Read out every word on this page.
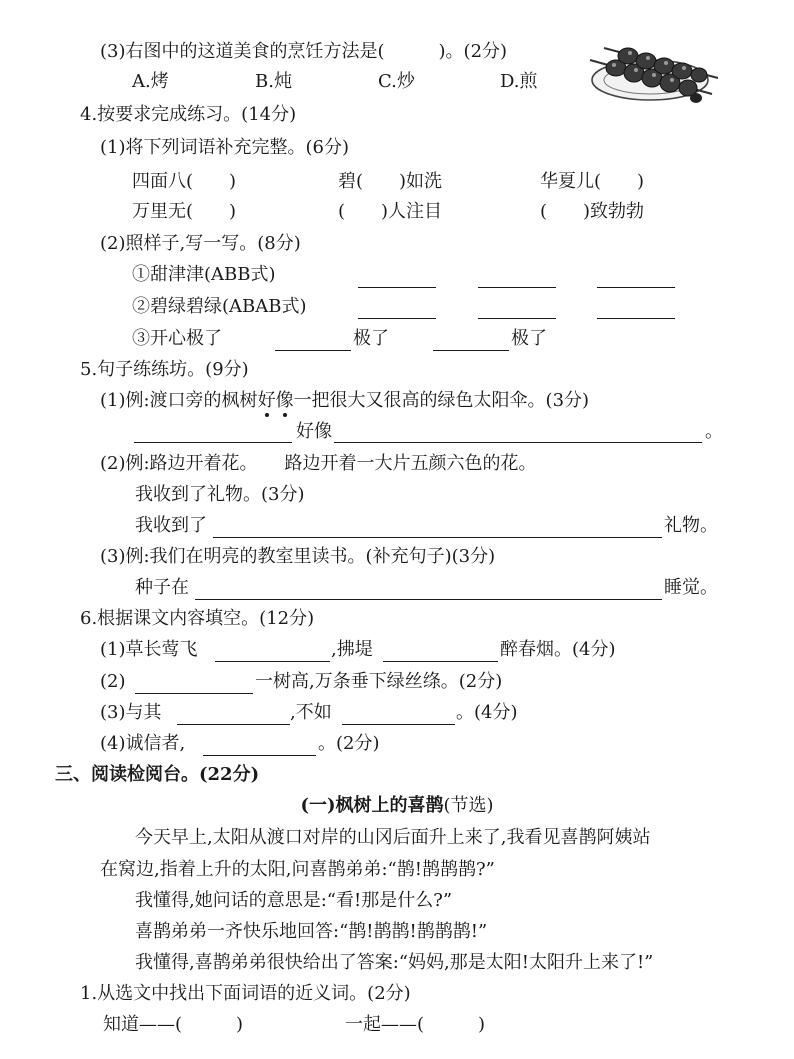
(3)右图中的这道美食的烹饪方法是(　　　)。(2分)
A.烤	B.炖	C.炒	D.煎
4.按要求完成练习。(14分)
(1)将下列词语补充完整。(6分)
四面八(　　)	碧(　　)如洗	华夏儿(　　)
万里无(　　)	(　　)人注目	(　　)致勃勃
(2)照样子,写一写。(8分)
①甜津津(ABB式)
②碧绿碧绿(ABAB式)
③开心极了	极了	极了
5.句子练练坊。(9分)
(1)例:渡口旁的枫树好像一把很大又很高的绿色太阳伞。(3分)
好像	。
(2)例:路边开着花。　　路边开着一大片五颜六色的花。
我收到了礼物。(3分)
我收到了	礼物。
(3)例:我们在明亮的教室里读书。(补充句子)(3分)
种子在	睡觉。
6.根据课文内容填空。(12分)
(1)草长莺飞	,拂堤	醉春烟。(4分)
(2)	一树高,万条垂下绿丝绦。(2分)
(3)与其	,不如	。(4分)
(4)诚信者,	。(2分)
三、阅读检阅台。(22分)
(一)枫树上的喜鹊(节选)
今天早上,太阳从渡口对岸的山冈后面升上来了,我看见喜鹊阿姨站
在窝边,指着上升的太阳,问喜鹊弟弟:“鹊!鹊鹊鹊?”
我懂得,她问话的意思是:“看!那是什么?”
喜鹊弟弟一齐快乐地回答:“鹊!鹊鹊!鹊鹊鹊!”
我懂得,喜鹊弟弟很快给出了答案:“妈妈,那是太阳!太阳升上来了!”
1.从选文中找出下面词语的近义词。(2分)
知道——(　　　)	一起——(　　　)
